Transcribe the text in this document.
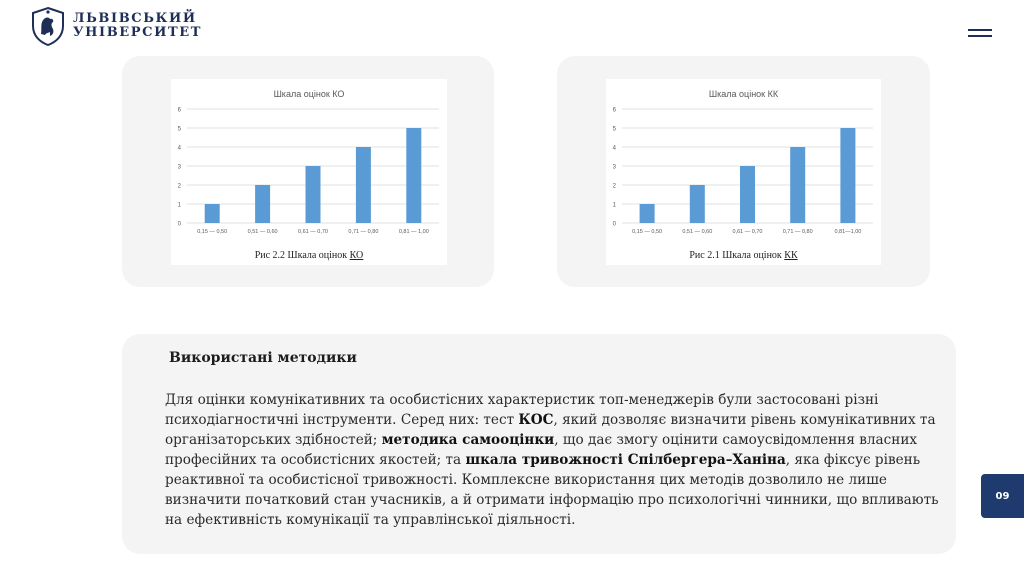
ЛЬВІВСЬКИЙ
УНІВЕРСИТЕТ
Шкала оцінок КО
0
1
2
3
4
5
6
0,15 — 0,50	0,51 — 0,60	0,61 — 0,70	0,71 — 0,80	0,81 — 1,00
Рис 2.2 Шкала оцінок КО
Шкала оцінок КК
0
1
2
3
4
5
6
0,15 — 0,50	0,51 — 0,60	0,61 — 0,70	0,71 — 0,80	0,81—1,00
Рис 2.1 Шкала оцінок КК
Використані методики
Для оцінки комунікативних та особистісних характеристик топ-менеджерів були застосовані різні психодіагностичні інструменти. Серед них: тест КОС, який дозволяє визначити рівень комунікативних та організаторських здібностей; методика самооцінки, що дає змогу оцінити самоусвідомлення власних професійних та особистісних якостей; та шкала тривожності Спілбергера–Ханіна, яка фіксує рівень реактивної та особистісної тривожності. Комплексне використання цих методів дозволило не лише визначити початковий стан учасників, а й отримати інформацію про психологічні чинники, що впливають на ефективність комунікації та управлінської діяльності.
09
